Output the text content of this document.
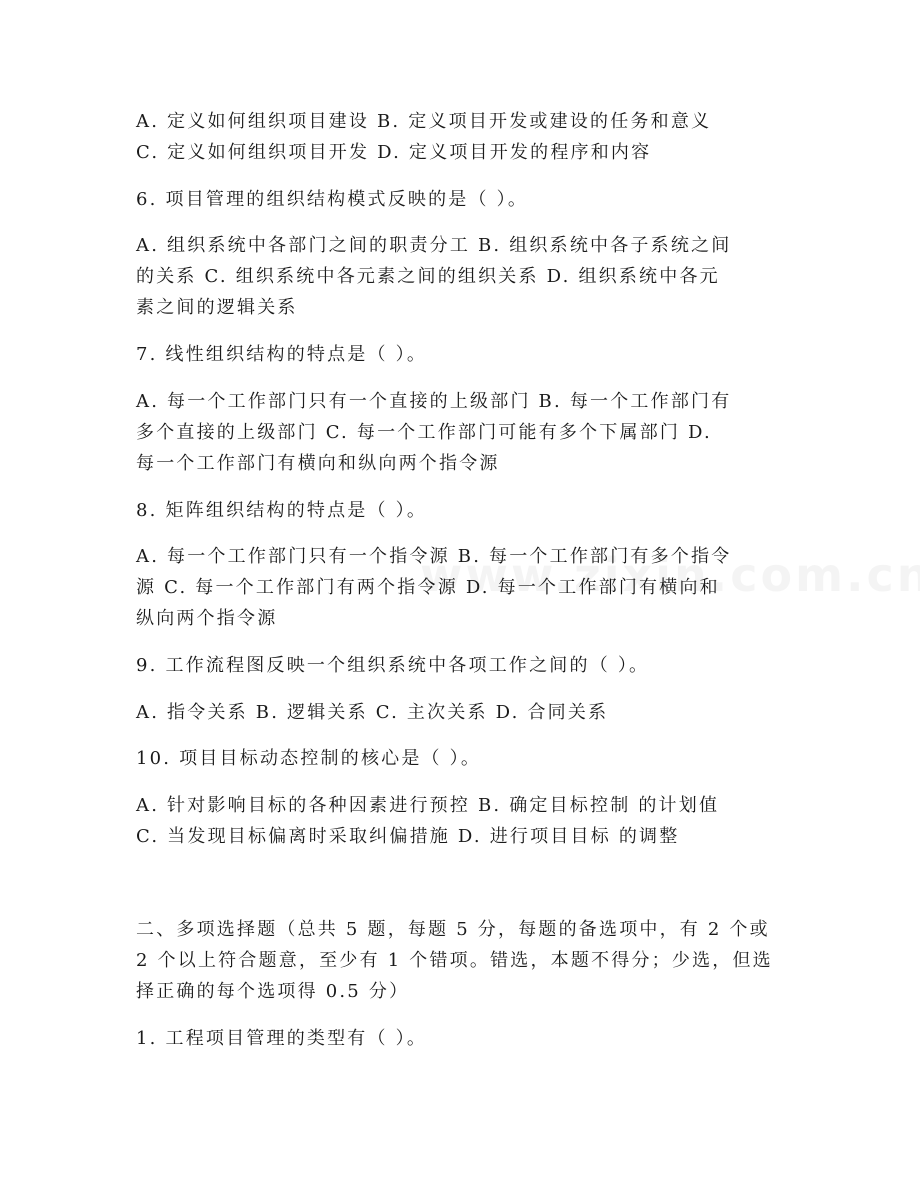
A. 定义如何组织项目建设 B. 定义项目开发或建设的任务和意义
C. 定义如何组织项目开发 D. 定义项目开发的程序和内容
6. 项目管理的组织结构模式反映的是（ ）。
A. 组织系统中各部门之间的职责分工 B. 组织系统中各子系统之间
的关系 C. 组织系统中各元素之间的组织关系 D. 组织系统中各元
素之间的逻辑关系
7. 线性组织结构的特点是（ ）。
A. 每一个工作部门只有一个直接的上级部门 B. 每一个工作部门有
多个直接的上级部门 C. 每一个工作部门可能有多个下属部门 D.
每一个工作部门有横向和纵向两个指令源
8. 矩阵组织结构的特点是（ ）。
A. 每一个工作部门只有一个指令源 B. 每一个工作部门有多个指令
源 C. 每一个工作部门有两个指令源 D. 每一个工作部门有横向和
纵向两个指令源
9. 工作流程图反映一个组织系统中各项工作之间的（ ）。
A. 指令关系 B. 逻辑关系 C. 主次关系 D. 合同关系
10. 项目目标动态控制的核心是（ ）。
A. 针对影响目标的各种因素进行预控 B. 确定目标控制 的计划值
C. 当发现目标偏离时采取纠偏措施 D. 进行项目目标 的调整
二、多项选择题（总共 5 题，每题 5 分，每题的备选项中，有 2 个或
2 个以上符合题意，至少有 1 个错项。错选，本题不得分；少选，但选
择正确的每个选项得 0.5 分）
1. 工程项目管理的类型有（ ）。
